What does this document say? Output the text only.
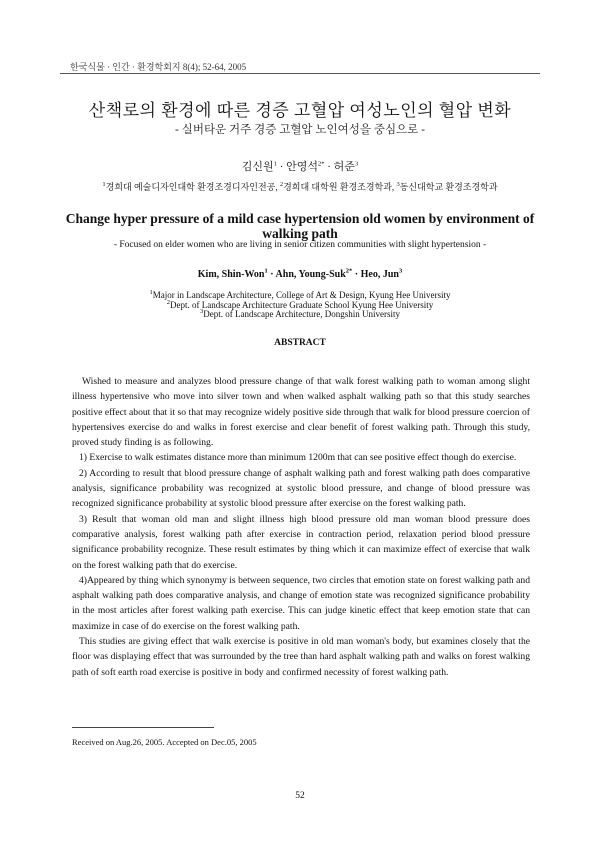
한국식물 · 인간 · 환경학회지 8(4); 52-64, 2005
산책로의 환경에 따른 경증 고혈압 여성노인의 혈압 변화
- 실버타운 거주 경증 고혈압 노인여성을 중심으로 -
김신원$^1$ · 안영석$^{2*}$ · 허준$^3$
$^1$경희대 예술디자인대학 환경조경디자인전공, $^2$경희대 대학원 환경조경학과, $^3$동신대학교 환경조경학과
Change hyper pressure of a mild case hypertension old women by environment of walking path
- Focused on elder women who are living in senior citizen communities with slight hypertension -
Kim, Shin-Won$^1$ · Ahn, Young-Suk$^{2*}$ · Heo, Jun$^3$
$^1$Major in Landscape Architecture, College of Art & Design, Kyung Hee University
$^2$Dept. of Landscape Architecture Graduate School Kyung Hee University
$^3$Dept. of Landscape Architecture, Dongshin University
ABSTRACT

Wished to measure and analyzes blood pressure change of that walk forest walking path to woman among slight illness hypertensive who move into silver town and when walked asphalt walking path so that this study searches positive effect about that it so that may recognize widely positive side through that walk for blood pressure coercion of hypertensives exercise do and walks in forest exercise and clear benefit of forest walking path. Through this study, proved study finding is as following.

1) Exercise to walk estimates distance more than minimum 1200m that can see positive effect though do exercise.

2) According to result that blood pressure change of asphalt walking path and forest walking path does comparative analysis, significance probability was recognized at systolic blood pressure, and change of blood pressure was recognized significance probability at systolic blood pressure after exercise on the forest walking path.

3) Result that woman old man and slight illness high blood pressure old man woman blood pressure does comparative analysis, forest walking path after exercise in contraction period, relaxation period blood pressure significance probability recognize. These result estimates by thing which it can maximize effect of exercise that walk on the forest walking path that do exercise.

4)Appeared by thing which synonymy is between sequence, two circles that emotion state on forest walking path and asphalt walking path does comparative analysis, and change of emotion state was recognized significance probability in the most articles after forest walking path exercise. This can judge kinetic effect that keep emotion state that can maximize in case of do exercise on the forest walking path.

This studies are giving effect that walk exercise is positive in old man woman's body, but examines closely that the floor was displaying effect that was surrounded by the tree than hard asphalt walking path and walks on forest walking path of soft earth road exercise is positive in body and confirmed necessity of forest walking path.

Received on Aug.26, 2005. Accepted on Dec.05, 2005
52
